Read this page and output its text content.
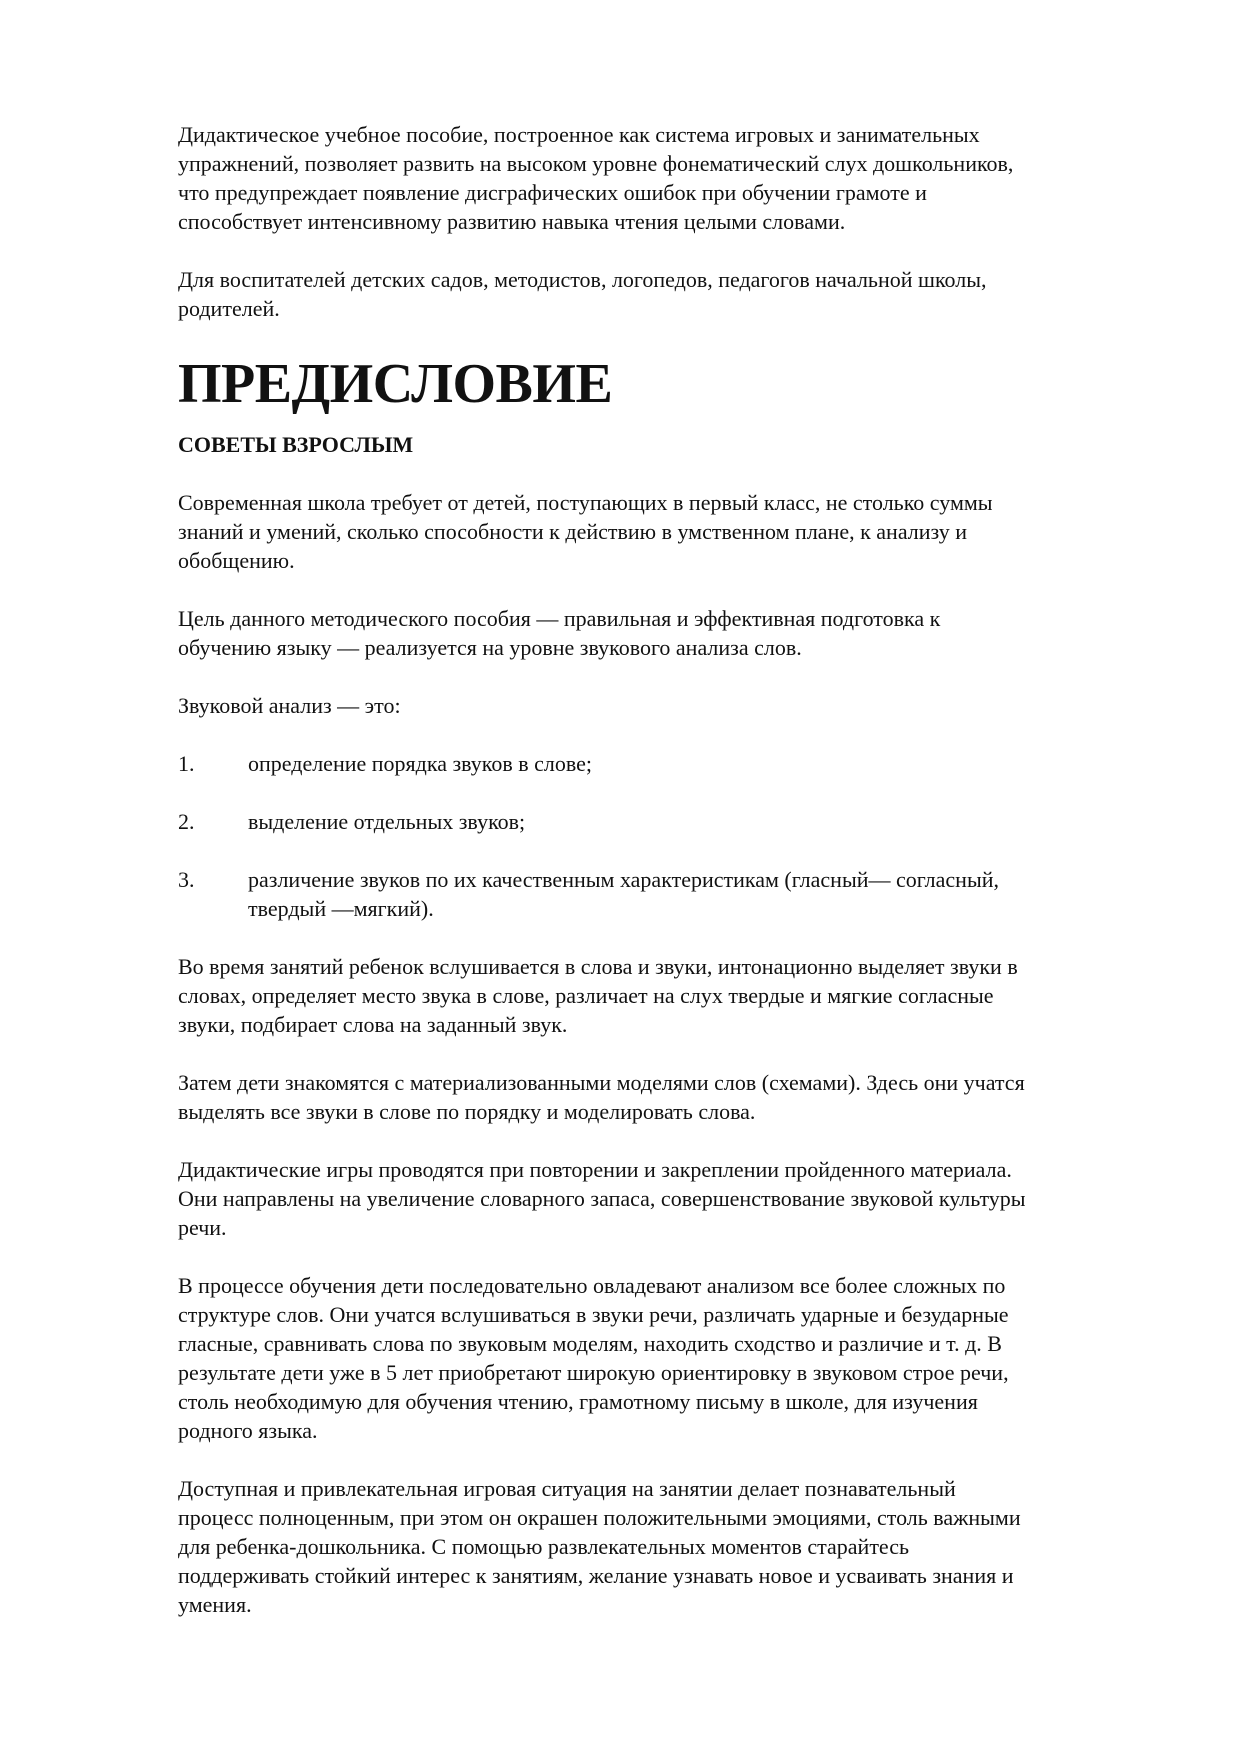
Дидактическое учебное пособие, построенное как система игровых и занимательных
упражнений, позволяет развить на высоком уровне фонематический слух дошкольников,
что предупреждает появление дисграфических ошибок при обучении грамоте и
способствует интенсивному развитию навыка чтения целыми словами.

Для воспитателей детских садов, методистов, логопедов, педагогов начальной школы,
родителей.

ПРЕДИСЛОВИЕ
СОВЕТЫ ВЗРОСЛЫМ

Современная школа требует от детей, поступающих в первый класс, не столько суммы
знаний и умений, сколько способности к действию в умственном плане, к анализу и
обобщению.

Цель данного методического пособия — правильная и эффективная подготовка к
обучению языку — реализуется на уровне звукового анализа слов.

Звуковой анализ — это:

1. определение порядка звуков в слове;
2. выделение отдельных звуков;
3. различение звуков по их качественным характеристикам (гласный— согласный,
твердый —мягкий).

Во время занятий ребенок вслушивается в слова и звуки, интонационно выделяет звуки в
словах, определяет место звука в слове, различает на слух твердые и мягкие согласные
звуки, подбирает слова на заданный звук.

Затем дети знакомятся с материализованными моделями слов (схемами). Здесь они учатся
выделять все звуки в слове по порядку и моделировать слова.

Дидактические игры проводятся при повторении и закреплении пройденного материала.
Они направлены на увеличение словарного запаса, совершенствование звуковой культуры
речи.

В процессе обучения дети последовательно овладевают анализом все более сложных по
структуре слов. Они учатся вслушиваться в звуки речи, различать ударные и безударные
гласные, сравнивать слова по звуковым моделям, находить сходство и различие и т. д. В
результате дети уже в 5 лет приобретают широкую ориентировку в звуковом строе речи,
столь необходимую для обучения чтению, грамотному письму в школе, для изучения
родного языка.

Доступная и привлекательная игровая ситуация на занятии делает познавательный
процесс полноценным, при этом он окрашен положительными эмоциями, столь важными
для ребенка-дошкольника. С помощью развлекательных моментов старайтесь
поддерживать стойкий интерес к занятиям, желание узнавать новое и усваивать знания и
умения.
